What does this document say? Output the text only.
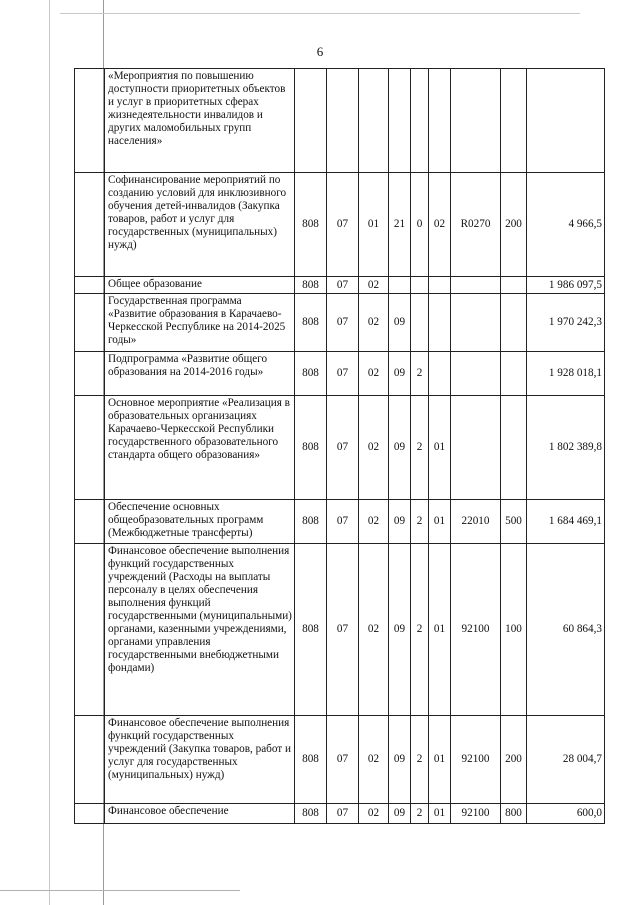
6
	«Мероприятия по повышению доступности приоритетных объектов и услуг в приоритетных сферах жизнедеятельности инвалидов и других маломобильных групп населения»									
	Софинансирование мероприятий по созданию условий для инклюзивного обучения детей-инвалидов (Закупка товаров, работ и услуг для государственных (муниципальных) нужд)	808	07	01	21	0	02	R0270	200	4 966,5
	Общее образование	808	07	02						1 986 097,5
	Государственная программа «Развитие образования в Карачаево-Черкесской Республике на 2014-2025 годы»	808	07	02	09					1 970 242,3
	Подпрограмма «Развитие общего образования на 2014-2016 годы»	808	07	02	09	2				1 928 018,1
	Основное мероприятие «Реализация в образовательных организациях Карачаево-Черкесской Республики государственного образовательного стандарта общего образования»	808	07	02	09	2	01			1 802 389,8
	Обеспечение основных общеобразовательных программ (Межбюджетные трансферты)	808	07	02	09	2	01	22010	500	1 684 469,1
	Финансовое обеспечение выполнения функций государственных учреждений (Расходы на выплаты персоналу в целях обеспечения выполнения функций государственными (муниципальными) органами, казенными учреждениями, органами управления государственными внебюджетными фондами)	808	07	02	09	2	01	92100	100	60 864,3
	Финансовое обеспечение выполнения функций государственных учреждений (Закупка товаров, работ и услуг для государственных (муниципальных) нужд)	808	07	02	09	2	01	92100	200	28 004,7
	Финансовое обеспечение	808	07	02	09	2	01	92100	800	600,0
